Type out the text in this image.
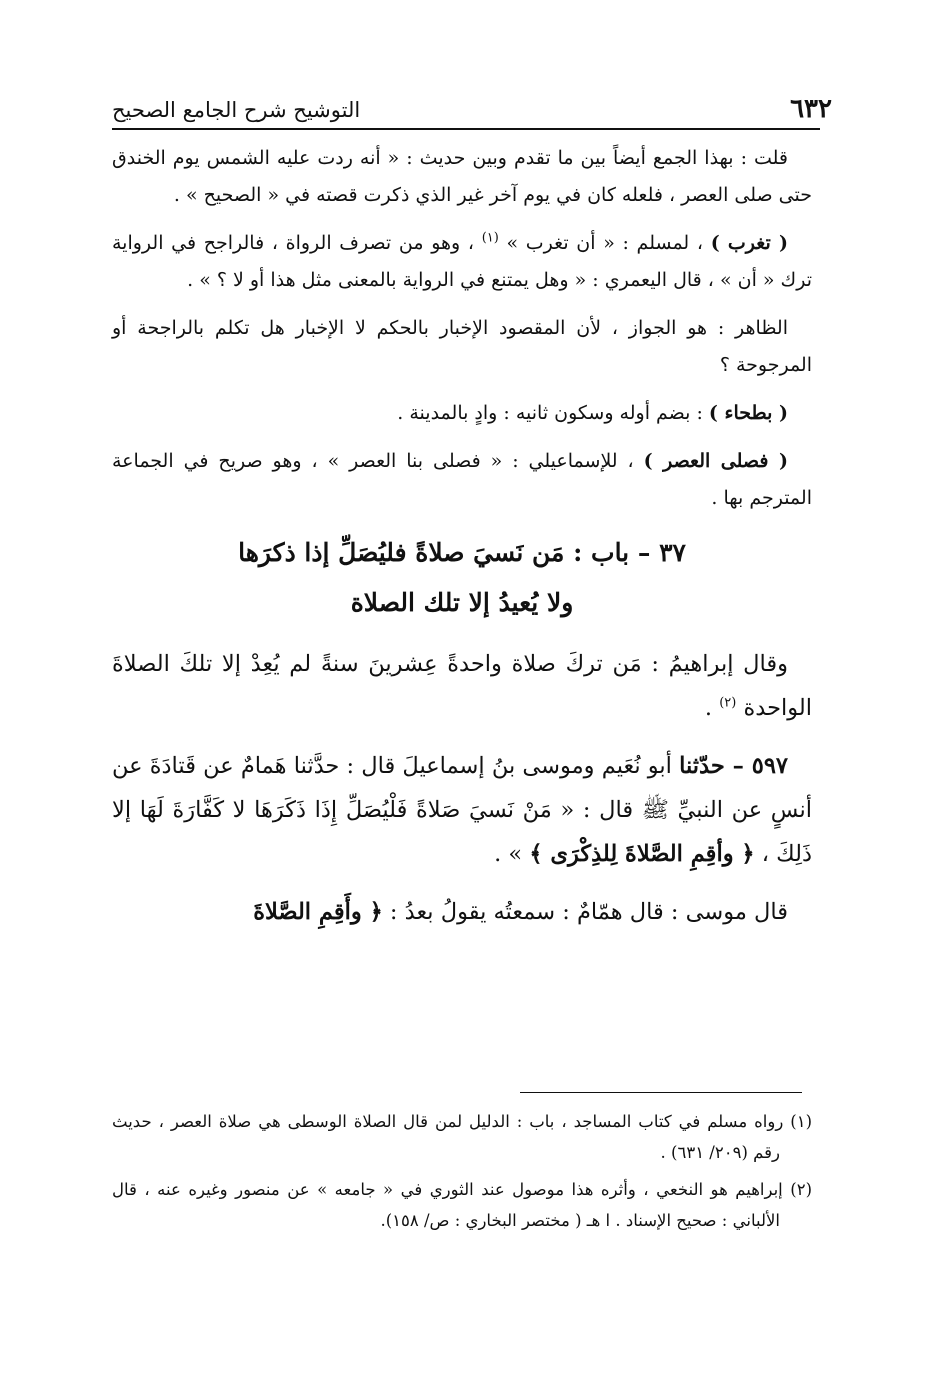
٦٣٢
التوشيح شرح الجامع الصحيح

قلت : بهذا الجمع أيضاً بين ما تقدم وبين حديث : « أنه ردت عليه الشمس يوم الخندق حتى صلى العصر ، فلعله كان في يوم آخر غير الذي ذكرت قصته في « الصحيح » .

( تغرب ) ، لمسلم : « أن تغرب » $^{(١)}$ ، وهو من تصرف الرواة ، فالراجح في الرواية ترك « أن » ، قال اليعمري : « وهل يمتنع في الرواية بالمعنى مثل هذا أو لا ؟ » .

الظاهر : هو الجواز ، لأن المقصود الإخبار بالحكم لا الإخبار هل تكلم بالراجحة أو المرجوحة ؟

( بطحاء ) : بضم أوله وسكون ثانيه : وادٍ بالمدينة .

( فصلى العصر ) ، للإسماعيلي : « فصلى بنا العصر » ، وهو صريح في الجماعة المترجم بها .

٣٧ – باب : مَن نَسيَ صلاةً فليُصَلِّ إذا ذكرَها
ولا يُعيدُ إلا تلك الصلاة

وقال إبراهيمُ : مَن تركَ صلاة واحدةً عِشرينَ سنةً لم يُعِدْ إلا تلكَ الصلاةَ الواحدة $^{(٢)}$ .

٥٩٧ – حدّثنا أبو نُعَيم وموسى بنُ إسماعيلَ قال : حدَّثنا هَمامٌ عن قَتادَةَ عن أنسٍ عن النبيِّ ﷺ قال : « مَنْ نَسيَ صَلاةً فَلْيُصَلِّ إِذَا ذَكَرَهَا لا كَفَّارَةَ لَهَا إلا ذَلِكَ ، ﴿ وأقِمِ الصَّلاةَ لِلذِكْرَى ﴾ » .

قال موسى : قال همّامٌ : سمعتُه يقولُ بعدُ : ﴿ وأَقِمِ الصَّلاةَ

(١) رواه مسلم في كتاب المساجد ، باب : الدليل لمن قال الصلاة الوسطى هي صلاة العصر ، حديث رقم (٢٠٩/ ٦٣١) .

(٢) إبراهيم هو النخعي ، وأثره هذا موصول عند الثوري في « جامعه » عن منصور وغيره عنه ، قال الألباني : صحيح الإسناد . ا هـ ( مختصر البخاري : ص/ ١٥٨).
